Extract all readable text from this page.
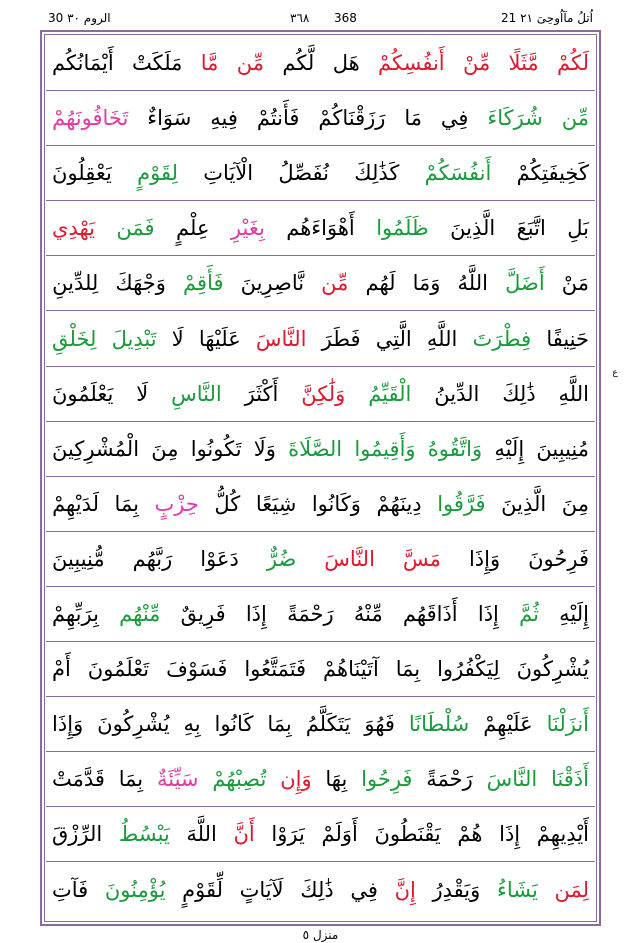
30 الروم ٣٠	٣٦٨ 368	21 اُتلُ مآاُوحِیَ ٢١
لَكُمْ
مَّثَلًا
مِّنْ
أَنفُسِكُمْ
هَل
لَّكُم
مِّن
مَّا
مَلَكَتْ
أَيْمَانُكُم
مِّن
شُرَكَاءَ
فِي
مَا
رَزَقْنَاكُمْ
فَأَنتُمْ
فِيهِ
سَوَاءٌ
تَخَافُونَهُمْ
كَخِيفَتِكُمْ
أَنفُسَكُمْ
كَذَٰلِكَ
نُفَصِّلُ
الْآيَاتِ
لِقَوْمٍ
يَعْقِلُونَ
بَلِ
اتَّبَعَ
الَّذِينَ
ظَلَمُوا
أَهْوَاءَهُم
بِغَيْرِ
عِلْمٍ
فَمَن
يَهْدِي
مَنْ
أَضَلَّ
اللَّهُ
وَمَا
لَهُم
مِّن
نَّاصِرِينَ
فَأَقِمْ
وَجْهَكَ
لِلدِّينِ
حَنِيفًا
فِطْرَتَ
اللَّهِ
الَّتِي
فَطَرَ
النَّاسَ
عَلَيْهَا
لَا
تَبْدِيلَ
لِخَلْقِ
اللَّهِ
ذَٰلِكَ
الدِّينُ
الْقَيِّمُ
وَلَٰكِنَّ
أَكْثَرَ
النَّاسِ
لَا
يَعْلَمُونَ
مُنِيبِينَ
إِلَيْهِ
وَاتَّقُوهُ
وَأَقِيمُوا
الصَّلَاةَ
وَلَا
تَكُونُوا
مِنَ
الْمُشْرِكِينَ
مِنَ
الَّذِينَ
فَرَّقُوا
دِينَهُمْ
وَكَانُوا
شِيَعًا
كُلُّ
حِزْبٍ
بِمَا
لَدَيْهِمْ
فَرِحُونَ
وَإِذَا
مَسَّ
النَّاسَ
ضُرٌّ
دَعَوْا
رَبَّهُم
مُّنِيبِينَ
إِلَيْهِ
ثُمَّ
إِذَا
أَذَاقَهُم
مِّنْهُ
رَحْمَةً
إِذَا
فَرِيقٌ
مِّنْهُم
بِرَبِّهِمْ
يُشْرِكُونَ
لِيَكْفُرُوا
بِمَا
آتَيْنَاهُمْ
فَتَمَتَّعُوا
فَسَوْفَ
تَعْلَمُونَ
أَمْ
أَنزَلْنَا
عَلَيْهِمْ
سُلْطَانًا
فَهُوَ
يَتَكَلَّمُ
بِمَا
كَانُوا
بِهِ
يُشْرِكُونَ
وَإِذَا
أَذَقْنَا
النَّاسَ
رَحْمَةً
فَرِحُوا
بِهَا
وَإِن
تُصِبْهُمْ
سَيِّئَةٌ
بِمَا
قَدَّمَتْ
أَيْدِيهِمْ
إِذَا
هُمْ
يَقْنَطُونَ
أَوَلَمْ
يَرَوْا
أَنَّ
اللَّهَ
يَبْسُطُ
الرِّزْقَ
لِمَن
يَشَاءُ
وَيَقْدِرُ
إِنَّ
فِي
ذَٰلِكَ
لَآيَاتٍ
لِّقَوْمٍ
يُؤْمِنُونَ
فَآتِ
ع
منزل ٥
